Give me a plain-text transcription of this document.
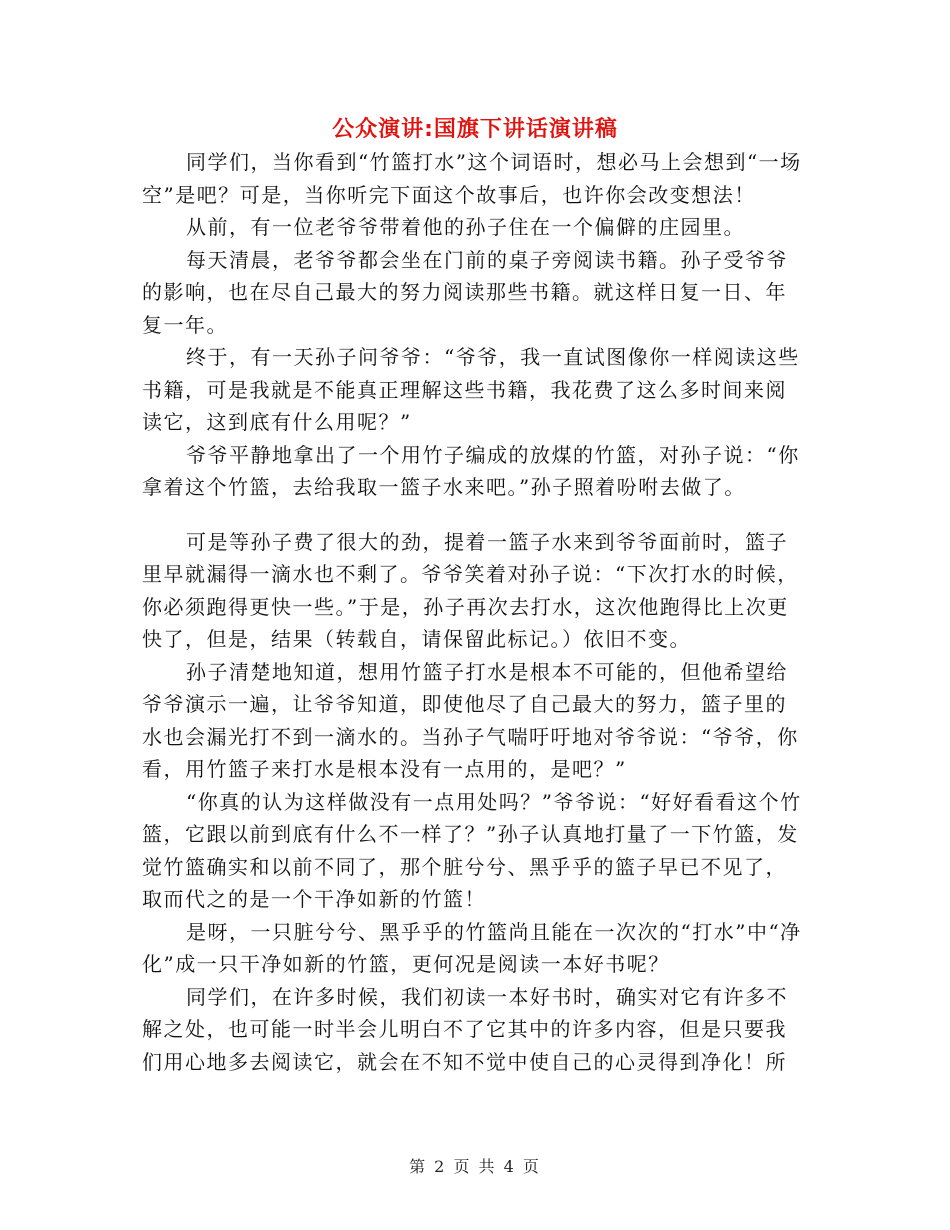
公众演讲:国旗下讲话演讲稿

同学们，当你看到“竹篮打水”这个词语时，想必马上会想到“一场空”是吧？可是，当你听完下面这个故事后，也许你会改变想法！

从前，有一位老爷爷带着他的孙子住在一个偏僻的庄园里。

每天清晨，老爷爷都会坐在门前的桌子旁阅读书籍。孙子受爷爷的影响，也在尽自己最大的努力阅读那些书籍。就这样日复一日、年复一年。

终于，有一天孙子问爷爷：“爷爷，我一直试图像你一样阅读这些书籍，可是我就是不能真正理解这些书籍，我花费了这么多时间来阅读它，这到底有什么用呢？”

爷爷平静地拿出了一个用竹子编成的放煤的竹篮，对孙子说：“你拿着这个竹篮，去给我取一篮子水来吧。”孙子照着吩咐去做了。

可是等孙子费了很大的劲，提着一篮子水来到爷爷面前时，篮子里早就漏得一滴水也不剩了。爷爷笑着对孙子说：“下次打水的时候，你必须跑得更快一些。”于是，孙子再次去打水，这次他跑得比上次更快了，但是，结果（转载自，请保留此标记。）依旧不变。

孙子清楚地知道，想用竹篮子打水是根本不可能的，但他希望给爷爷演示一遍，让爷爷知道，即使他尽了自己最大的努力，篮子里的水也会漏光打不到一滴水的。当孙子气喘吁吁地对爷爷说：“爷爷，你看，用竹篮子来打水是根本没有一点用的，是吧？”

“你真的认为这样做没有一点用处吗？”爷爷说：“好好看看这个竹篮，它跟以前到底有什么不一样了？”孙子认真地打量了一下竹篮，发觉竹篮确实和以前不同了，那个脏兮兮、黑乎乎的篮子早已不见了，取而代之的是一个干净如新的竹篮！

是呀，一只脏兮兮、黑乎乎的竹篮尚且能在一次次的“打水”中“净化”成一只干净如新的竹篮，更何况是阅读一本好书呢？

同学们，在许多时候，我们初读一本好书时，确实对它有许多不解之处，也可能一时半会儿明白不了它其中的许多内容，但是只要我们用心地多去阅读它，就会在不知不觉中使自己的心灵得到净化！所

第 2 页 共 4 页
